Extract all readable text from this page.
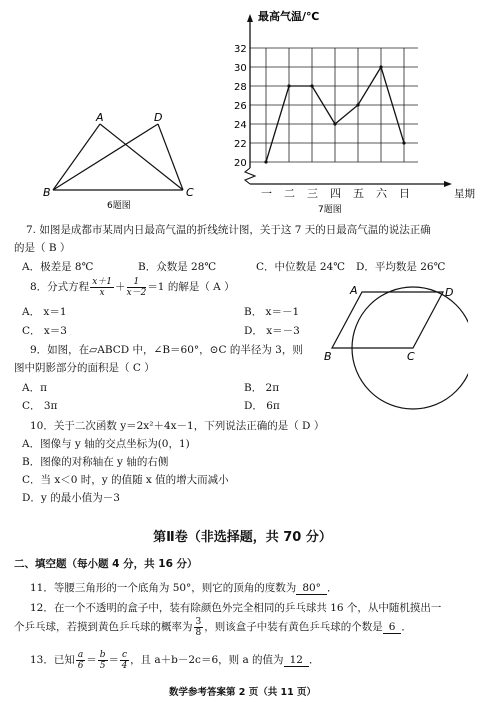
A	D
B	C
6题图
20
22
24
26
28
30
32
一 二 三 四 五 六 日
最高气温/℃
星期
7题图
7. 如图是成都市某周内日最高气温的折线统计图，关于这 7 天的日最高气温的说法正确
的是（ B ）
A．极差是 8℃	B．众数是 28℃	C．中位数是 24℃ D．平均数是 26℃
8．分式方程 $\frac{x+1}{x} + \frac{1}{x-2} =1$ 的解是（ A ）
A． x＝1	B． x＝－1
C． x＝3	D． x＝－3
A	D
B	C
9．如图，在▱ABCD 中，∠B＝60°，⊙C 的半径为 3，则
图中阴影部分的面积是（ C ）
A．π	B． 2π
C． 3π	D． 6π
10．关于二次函数 y＝2x²＋4x－1，下列说法正确的是（ D ）
A．图像与 y 轴的交点坐标为(0，1)
B．图像的对称轴在 y 轴的右侧
C．当 x＜0 时，y 的值随 x 值的增大而减小
D．y 的最小值为－3
第Ⅱ卷（非选择题，共 70 分）
二、填空题（每小题 4 分，共 16 分）
11．等腰三角形的一个底角为 50°，则它的顶角的度数为 80° ．
12．在一个不透明的盒子中，装有除颜色外完全相同的乒乓球共 16 个，从中随机摸出一
个乒乓球，若摸到黄色乒乓球的概率为 $\frac{3}{8}$ ，则该盒子中装有黄色乒乓球的个数是 6 ．
13．已知 $\frac{a}{6} = \frac{b}{5} = \frac{c}{4}$ ，且 a＋b－2c＝6，则 a 的值为 12 ．
数学参考答案第 2 页（共 11 页）
